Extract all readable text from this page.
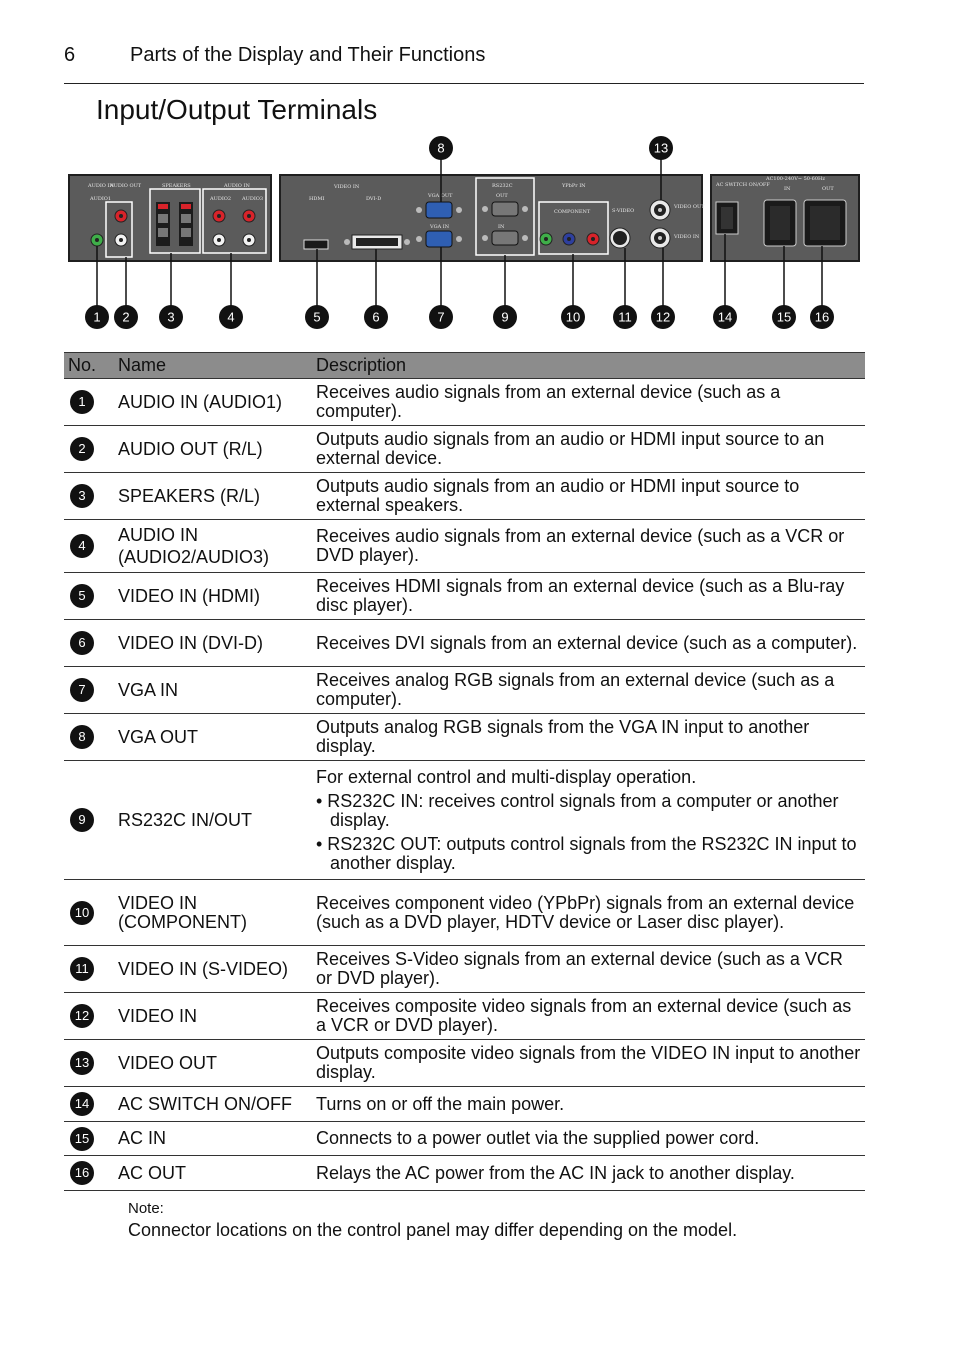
6	Parts of the Display and Their Functions
Input/Output Terminals
AUDIO IN
AUDIO OUT
AUDIO1
SPEAKERS	AUDIO IN
AUDIO2 AUDIO3
VIDEO IN
HDMI	DVI-D	VGA OUT
VGA IN
RS232C
OUT
IN
YPbPr IN
COMPONENT	S-VIDEO
VIDEO OUT
VIDEO IN
AC SWITCH ON/OFF
AC100-240V~ 50-60Hz
IN	OUT
1 2	3	4	5	6	7	9	10	11 12	14	15 16
8	13
No.	Name	Description
1	AUDIO IN (AUDIO1)	Receives audio signals from an external device (such as a computer).
2	AUDIO OUT (R/L)	Outputs audio signals from an audio or HDMI input source to an external device.
3	SPEAKERS (R/L)	Outputs audio signals from an audio or HDMI input source to external speakers.
4	AUDIO IN (AUDIO2/AUDIO3)	Receives audio signals from an external device (such as a VCR or DVD player).
5	VIDEO IN (HDMI)	Receives HDMI signals from an external device (such as a Blu-ray disc player).
6	VIDEO IN (DVI-D)	Receives DVI signals from an external device (such as a computer).
7	VGA IN	Receives analog RGB signals from an external device (such as a computer).
8	VGA OUT	Outputs analog RGB signals from the VGA IN input to another display.
9	RS232C IN/OUT	For external control and multi-display operation.
• RS232C IN: receives control signals from a computer or another display.
• RS232C OUT: outputs control signals from the RS232C IN input to another display.

10	VIDEO IN (COMPONENT)	Receives component video (YPbPr) signals from an external device (such as a DVD player, HDTV device or Laser disc player).
11	VIDEO IN (S-VIDEO)	Receives S-Video signals from an external device (such as a VCR or DVD player).
12	VIDEO IN	Receives composite video signals from an external device (such as a VCR or DVD player).
13	VIDEO OUT	Outputs composite video signals from the VIDEO IN input to another display.
14	AC SWITCH ON/OFF	Turns on or off the main power.
15	AC IN	Connects to a power outlet via the supplied power cord.
16	AC OUT	Relays the AC power from the AC IN jack to another display.
Note:
Connector locations on the control panel may differ depending on the model.
